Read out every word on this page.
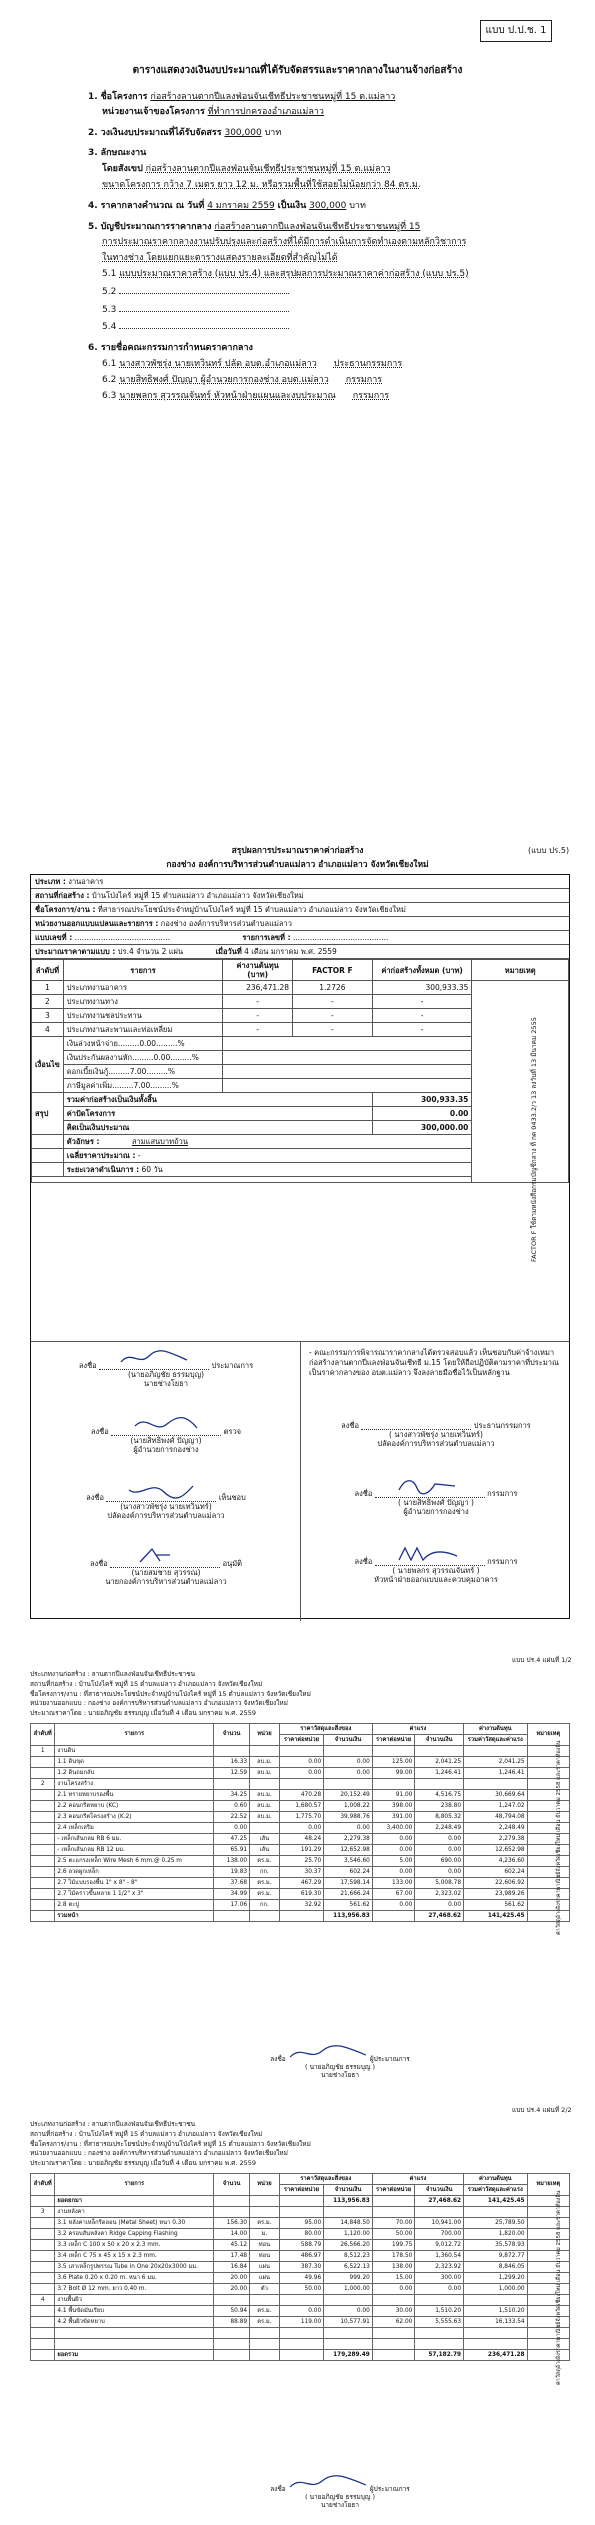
แบบ ป.ป.ช. 1
ตารางแสดงวงเงินงบประมาณที่ได้รับจัดสรรและราคากลางในงานจ้างก่อสร้าง
1. ชื่อโครงการ ก่อสร้างลานตากปีแลงฟ่อนจันเชีทธีประชาชนหมู่ที่ 15 ต.แม่ลาว
หน่วยงานเจ้าของโครงการ ที่ทำการปกครองอำเภอแม่ลาว
2. วงเงินงบประมาณที่ได้รับจัดสรร 300,000 บาท
3. ลักษณะงาน
โดยสังเขป ก่อสร้างลานตากปีแลงฟ่อนจันเชีทธีประชาชนหมู่ที่ 15 ต.แม่ลาว
ขนาดโครงการ กว้าง 7 เมตร ยาว 12 ม. หรือรวมพื้นที่ใช้สอยไม่น้อยกว่า 84 ตร.ม.
4. ราคากลางคำนวณ ณ วันที่ 4 มกราคม 2559 เป็นเงิน 300,000 บาท
5. บัญชีประมาณการราคากลาง ก่อสร้างลานตากปีแลงฟ่อนจันเชีทธีประชาชนหมู่ที่ 15
การประมาณราคากลางงานปรับปรุงและก่อสร้างที่ได้มีการดำเนินการจัดทำเองตามหลักวิชาการ
ในทางช่าง โดยแยกแยะตารางแสดงรายละเอียดที่สำคัญไม่ได้
5.1 แบบประมาณราคาสร้าง (แบบ ปร.4) และสรุปผลการประมาณราคาค่าก่อสร้าง (แบบ ปร.5)
5.2
5.3
5.4
6. รายชื่อคณะกรรมการกำหนดราคากลาง
6.1 นางสาวพัชรุ่ง นายเทวินทร์ ปลัด อบต.อำเภอแม่ลาว ประธานกรรมการ
6.2 นายสิทธิพงศ์ ปัญญา ผู้อำนวยการกองช่าง อบต.แม่ลาว กรรมการ
6.3 นายพลกร สุวรรณจันทร์ หัวหน้าฝ่ายแผนและงบประมาณ กรรมการ
(แบบ ปร.5)
สรุปผลการประมาณราคาค่าก่อสร้าง
กองช่าง องค์การบริหารส่วนตำบลแม่ลาว อำเภอแม่ลาว จังหวัดเชียงใหม่
ประเภท : งานอาคาร
สถานที่ก่อสร้าง : บ้านโป่งไคร้ หมู่ที่ 15 ตำบลแม่ลาว อำเภอแม่ลาว จังหวัดเชียงใหม่
ชื่อโครงการ/งาน : ที่สาธารณประโยชน์ประจำหมู่บ้านโป่งไคร้ หมู่ที่ 15 ตำบลแม่ลาว อำเภอแม่ลาว จังหวัดเชียงใหม่
หน่วยงานออกแบบแปลนและรายการ : กองช่าง องค์การบริหารส่วนตำบลแม่ลาว
แบบเลขที่ : ........................................	รายการเลขที่ : ........................................
ประมาณราคาตามแบบ : ปร.4 จำนวน 2 แผ่น	เมื่อวันที่ 4 เดือน มกราคม พ.ศ. 2559
ลำดับที่	รายการ	ค่างานต้นทุน (บาท)	FACTOR F	ค่าก่อสร้างทั้งหมด (บาท)	หมายเหตุ
1	ประเภทงานอาคาร	236,471.28	1.2726	300,933.35	
2	ประเภทงานทาง	-	-	-	
3	ประเภทงานชลประทาน	-	-	-	
4	ประเภทงานสะพานและท่อเหลี่ยม	-	-	-	
เงื่อนไข	เงินล่วงหน้าจ่าย.........0.00.........%				
	เงินประกันผลงานหัก.........0.00.........%				
	ดอกเบี้ยเงินกู้.........7.00.........%				
	ภาษีมูลค่าเพิ่ม.........7.00.........%				
สรุป	รวมค่าก่อสร้างเป็นเงินทั้งสิ้น			300,933.35	
	ค่าปัดโครงการ			0.00	
	คิดเป็นเงินประมาณ			300,000.00	
	ตัวอักษร : สามแสนบาทถ้วน				
	เฉลี่ยราคาประมาณ : -				
	ระยะเวลาดำเนินการ : 60 วัน					FACTOR F ใช้ตามหนังสือกรมบัญชีกลาง ที่ กค 0433.2/ว 13 ลงวันที่ 13 มีนาคม 2555
ลงชื่อ	ประมาณการ
(นายอภิญชัย ธรรมบุญ)
นายช่างโยธา
ลงชื่อ	ตรวจ
(นายสิทธิพงศ์ ปัญญา)
ผู้อำนวยการกองช่าง
ลงชื่อ	เห็นชอบ
(นางสาวพัชรุ่ง นายเทวินทร์)
ปลัดองค์การบริหารส่วนตำบลแม่ลาว
ลงชื่อ	อนุมัติ
(นายสมชาย สุวรรณ)
นายกองค์การบริหารส่วนตำบลแม่ลาว
- คณะกรรมการพิจารณาราคากลางได้ตรวจสอบแล้ว เห็นชอบกับค่าจ้างเหมาก่อสร้างลานตากปีแลงฟ่อนจันเชีทธี ม.15 โดยให้ถือปฏิบัติตามราคาที่ประมาณเป็นราคากลางของ อบต.แม่ลาว จึงลงลายมือชื่อไว้เป็นหลักฐาน
ลงชื่อ	ประธานกรรมการ
( นางสาวพัชรุ่ง นายเทวินทร์)
ปลัดองค์การบริหารส่วนตำบลแม่ลาว
ลงชื่อ	กรรมการ
( นายสิทธิพงศ์ ปัญญา )
ผู้อำนวยการกองช่าง
ลงชื่อ	กรรมการ
( นายพลกร สุวรรณจันทร์ )
หัวหน้าฝ่ายออกแบบและควบคุมอาคาร
แบบ ปร.4 แผ่นที่ 1/2
ประเภทงานก่อสร้าง : ลานตากปีแลงฟ่อนจันเชีทธีประชาชน
สถานที่ก่อสร้าง : บ้านโป่งไคร้ หมู่ที่ 15 ตำบลแม่ลาว อำเภอแม่ลาว จังหวัดเชียงใหม่
ชื่อโครงการ/งาน : ที่สาธารณประโยชน์ประจำหมู่บ้านโป่งไคร้ หมู่ที่ 15 ตำบลแม่ลาว จังหวัดเชียงใหม่
หน่วยงานออกแบบ : กองช่าง องค์การบริหารส่วนตำบลแม่ลาว อำเภอแม่ลาว จังหวัดเชียงใหม่
ประมาณราคาโดย : นายอภิญชัย ธรรมบุญ เมื่อวันที่ 4 เดือน มกราคม พ.ศ. 2559
ลำดับที่	รายการ	จำนวน	หน่วย	ราคาวัสดุและสิ่งของ		ค่าแรง		ค่างานต้นทุน	หมายเหตุ
				ราคาต่อหน่วย	จำนวนเงิน	ราคาต่อหน่วย	จำนวนเงิน	รวมค่าวัสดุและค่าแรง	
1	งานดิน								
	1.1 ดินขุด	16.33	ลบ.ม.	0.00	0.00	125.00	2,041.25	2,041.25	
	1.2 ดินถมกลับ	12.59	ลบ.ม.	0.00	0.00	99.00	1,246.41	1,246.41	
2	งานโครงสร้าง								
	2.1 ทรายหยาบรองพื้น	34.25	ลบ.ม.	470.28	20,152.49	91.00	4,516.75	30,669.64	
	2.2 คอนกรีตหยาบ (KC)	0.60	ลบ.ม.	1,680.57	1,008.22	398.00	238.80	1,247.02	
	2.3 คอนกรีตโครงสร้าง (K.2)	22.52	ลบ.ม.	1,775.70	39,988.76	391.00	8,805.32	48,794.08	
	2.4 เหล็กเสริม	0.00		0.00	0.00	3,400.00	2,248.49	2,248.49	
	- เหล็กเส้นกลม RB 6 มม.	47.25	เส้น	48.24	2,279.38	0.00	0.00	2,279.38	
	- เหล็กเส้นกลม RB 12 มม.	65.91	เส้น	191.29	12,652.98	0.00	0.00	12,652.98	
	2.5 ตะแกรงเหล็ก Wire Mesh 6 mm.@ 0.25 m	138.00	ตร.ม.	25.70	3,546.60	5.00	690.00	4,236.60	
	2.6 ลวดผูกเหล็ก	19.83	กก.	30.37	602.24	0.00	0.00	602.24	
	2.7 ไม้แบบรองพื้น 1" x 8" - 8"	37.68	ตร.ม.	467.29	17,598.14	133.00	5,008.78	22,606.92	
	2.7 ไม้คร่าวขึ้นหลาย 1 1/2" x 3"	34.99	ตร.ม.	619.30	21,666.24	67.00	2,323.02	23,989.26	
	2.8 ตะปู	17.06	กก.	32.92	561.62	0.00	0.00	561.62	
	รวมหน้า				113,956.83		27,468.62	141,425.45	
ลงชื่อ	ผู้ประมาณการ
( นายอภิญชัย ธรรมบุญ )
นายช่างโยธา
ค่าวัสดุอ้างอิงราคาพาณิชย์จังหวัดเชียงใหม่ เดือน ธันวาคม 2558 และราคาท้องถิ่น
แบบ ปร.4 แผ่นที่ 2/2
ประเภทงานก่อสร้าง : ลานตากปีแลงฟ่อนจันเชีทธีประชาชน
สถานที่ก่อสร้าง : บ้านโป่งไคร้ หมู่ที่ 15 ตำบลแม่ลาว อำเภอแม่ลาว จังหวัดเชียงใหม่
ชื่อโครงการ/งาน : ที่สาธารณประโยชน์ประจำหมู่บ้านโป่งไคร้ หมู่ที่ 15 ตำบลแม่ลาว จังหวัดเชียงใหม่
หน่วยงานออกแบบ : กองช่าง องค์การบริหารส่วนตำบลแม่ลาว อำเภอแม่ลาว จังหวัดเชียงใหม่
ประมาณราคาโดย : นายอภิญชัย ธรรมบุญ เมื่อวันที่ 4 เดือน มกราคม พ.ศ. 2559
ลำดับที่	รายการ	จำนวน	หน่วย	ราคาวัสดุและสิ่งของ		ค่าแรง		ค่างานต้นทุน	หมายเหตุ
				ราคาต่อหน่วย	จำนวนเงิน	ราคาต่อหน่วย	จำนวนเงิน	รวมค่าวัสดุและค่าแรง	
	ยอดยกมา				113,956.83		27,468.62	141,425.45	
3	งานหลังคา								
	3.1 หลังคาเหล็กรีดลอน (Metal Sheet) หนา 0.30	156.30	ตร.ม.	95.00	14,848.50	70.00	10,941.00	25,789.50	
	3.2 ครอบสันหลังคา Ridge Capping Flashing	14.00	ม.	80.00	1,120.00	50.00	700.00	1,820.00	
	3.3 เหล็ก C 100 x 50 x 20 x 2.3 mm.	45.12	ท่อน	588.79	26,566.20	199.75	9,012.72	35,578.93	
	3.4 เหล็ก C 75 x 45 x 15 x 2.3 mm.	17.48	ท่อน	486.97	8,512.23	178.50	1,360.54	9,872.77	
	3.5 เสาเหล็กรูปพรรณ Tube in One 20x20x3000 มม.	16.84	แผ่น	387.30	6,522.13	138.00	2,323.92	8,846.05	
	3.6 Plate 0.20 x 0.20 m. หนา 6 มม.	20.00	แผ่น	49.96	999.20	15.00	300.00	1,299.20	
	3.7 Bolt Ø 12 mm. ยาว 0.40 m.	20.00	ตัว	50.00	1,000.00	0.00	0.00	1,000.00	
4	งานพื้นผิว								
	4.1 พื้นขัดมันเรียบ	50.94	ตร.ม.	0.00	0.00	30.00	1,510.20	1,510.20	
	4.2 พื้นผิวขัดหยาบ	88.89	ตร.ม.	119.00	10,577.91	62.00	5,555.63	16,133.54	

	ยอดรวม				179,289.49		57,182.79	236,471.28	
ลงชื่อ	ผู้ประมาณการ
( นายอภิญชัย ธรรมบุญ )
นายช่างโยธา
ค่าวัสดุอ้างอิงราคาพาณิชย์จังหวัดเชียงใหม่ เดือน ธันวาคม 2558 และราคาท้องถิ่น
